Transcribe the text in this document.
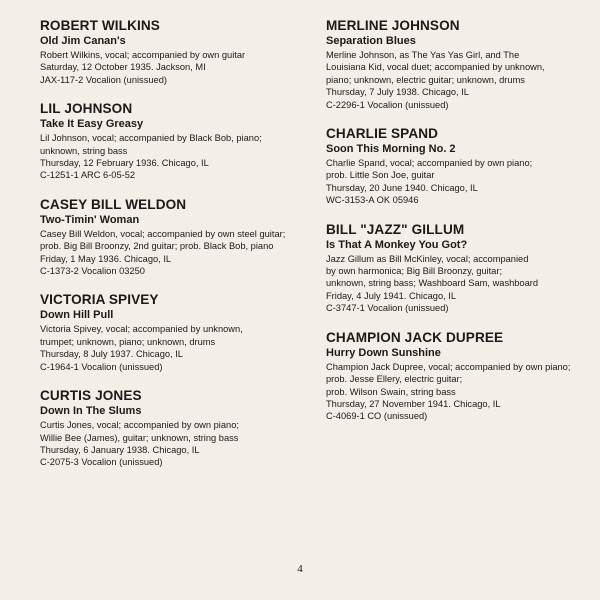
ROBERT WILKINS

Old Jim Canan's

Robert Wilkins, vocal; accompanied by own guitar

Saturday, 12 October 1935. Jackson, MI

JAX-117-2 Vocalion (unissued)

LIL JOHNSON

Take It Easy Greasy

Lil Johnson, vocal; accompanied by Black Bob, piano;

unknown, string bass

Thursday, 12 February 1936. Chicago, IL

C-1251-1 ARC 6-05-52

CASEY BILL WELDON

Two-Timin' Woman

Casey Bill Weldon, vocal; accompanied by own steel guitar;

prob. Big Bill Broonzy, 2nd guitar; prob. Black Bob, piano

Friday, 1 May 1936. Chicago, IL

C-1373-2 Vocalion 03250

VICTORIA SPIVEY

Down Hill Pull

Victoria Spivey, vocal; accompanied by unknown,

trumpet; unknown, piano; unknown, drums

Thursday, 8 July 1937. Chicago, IL

C-1964-1 Vocalion (unissued)

CURTIS JONES

Down In The Slums

Curtis Jones, vocal; accompanied by own piano;

Willie Bee (James), guitar; unknown, string bass

Thursday, 6 January 1938. Chicago, IL

C-2075-3 Vocalion (unissued)

MERLINE JOHNSON

Separation Blues

Merline Johnson, as The Yas Yas Girl, and The

Louisiana Kid, vocal duet; accompanied by unknown,

piano; unknown, electric guitar; unknown, drums

Thursday, 7 July 1938. Chicago, IL

C-2296-1 Vocalion (unissued)

CHARLIE SPAND

Soon This Morning No. 2

Charlie Spand, vocal; accompanied by own piano;

prob. Little Son Joe, guitar

Thursday, 20 June 1940. Chicago, IL

WC-3153-A OK 05946

BILL "JAZZ" GILLUM

Is That A Monkey You Got?

Jazz Gillum as Bill McKinley, vocal; accompanied

by own harmonica; Big Bill Broonzy, guitar;

unknown, string bass; Washboard Sam, washboard

Friday, 4 July 1941. Chicago, IL

C-3747-1 Vocalion (unissued)

CHAMPION JACK DUPREE

Hurry Down Sunshine

Champion Jack Dupree, vocal; accompanied by own piano;

prob. Jesse Ellery, electric guitar;

prob. Wilson Swain, string bass

Thursday, 27 November 1941. Chicago, IL

C-4069-1 CO (unissued)

4
